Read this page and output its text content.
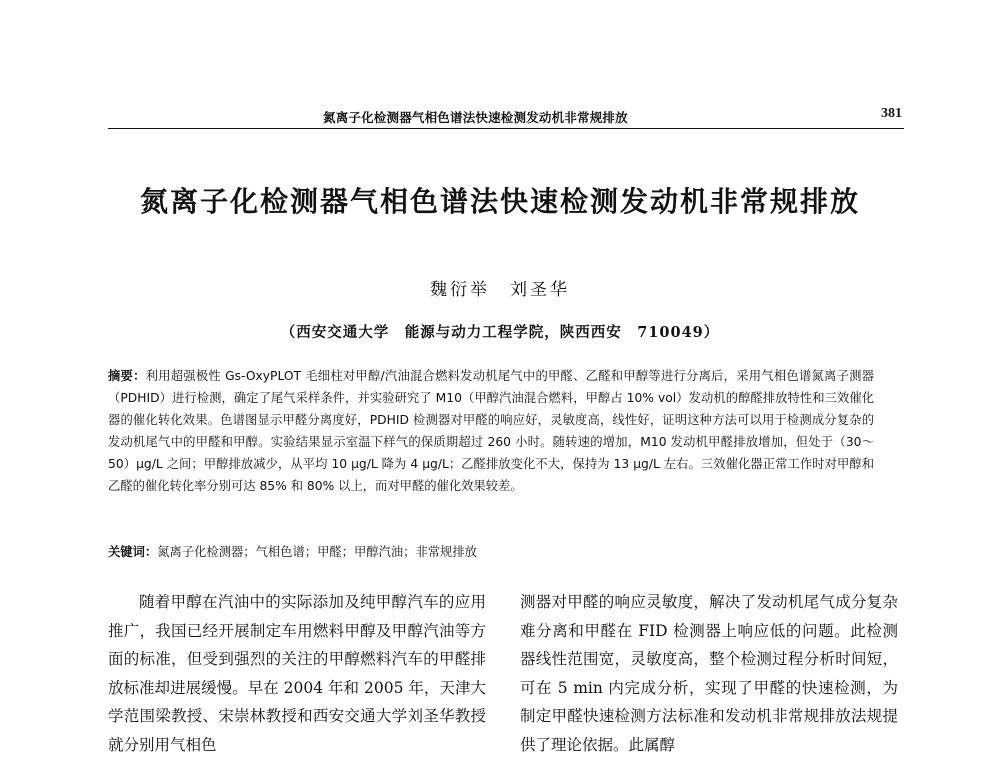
氮离子化检测器气相色谱法快速检测发动机非常规排放	381
氮离子化检测器气相色谱法快速检测发动机非常规排放
魏衍举　刘圣华
（西安交通大学　能源与动力工程学院，陕西西安　710049）
摘要：利用超强极性 Gs-OxyPLOT 毛细柱对甲醇/汽油混合燃料发动机尾气中的甲醛、乙醛和甲醇等进行分离后，采用气相色谱氮离子测器（PDHID）进行检测，确定了尾气采样条件，并实验研究了 M10（甲醇汽油混合燃料，甲醇占 10% vol）发动机的醇醛排放特性和三效催化器的催化转化效果。色谱图显示甲醛分离度好，PDHID 检测器对甲醛的响应好，灵敏度高，线性好，证明这种方法可以用于检测成分复杂的发动机尾气中的甲醛和甲醇。实验结果显示室温下样气的保质期超过 260 小时。随转速的增加，M10 发动机甲醛排放增加，但处于（30～50）μg/L 之间；甲醇排放减少，从平均 10 μg/L 降为 4 μg/L；乙醛排放变化不大，保持为 13 μg/L 左右。三效催化器正常工作时对甲醇和乙醛的催化转化率分别可达 85% 和 80% 以上，而对甲醛的催化效果较差。
关键词：氮离子化检测器；气相色谱；甲醛；甲醇汽油；非常规排放
随着甲醇在汽油中的实际添加及纯甲醇汽车的应用推广，我国已经开展制定车用燃料甲醇及甲醇汽油等方面的标准，但受到强烈的关注的甲醇燃料汽车的甲醛排放标准却进展缓慢。早在 2004 年和 2005 年，天津大学范围梁教授、宋崇林教授和西安交通大学刘圣华教授就分别用气相色
测器对甲醛的响应灵敏度，解决了发动机尾气成分复杂难分离和甲醛在 FID 检测器上响应低的问题。此检测器线性范围宽，灵敏度高，整个检测过程分析时间短，可在 5 min 内完成分析，实现了甲醛的快速检测，为制定甲醛快速检测方法标准和发动机非常规排放法规提供了理论依据。此属醇
